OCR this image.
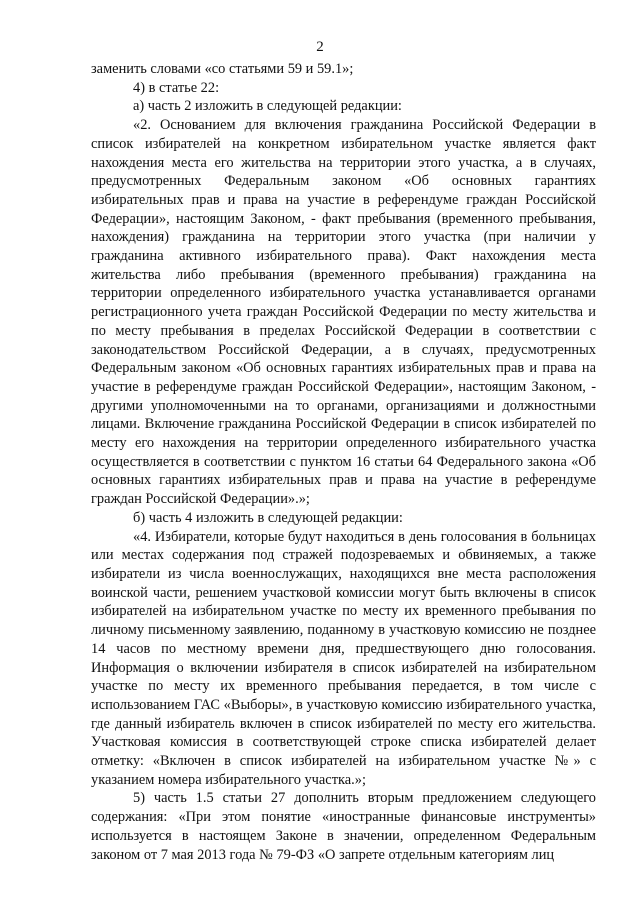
2

заменить словами «со статьями 59 и 59.1»;

4) в статье 22:

а) часть 2 изложить в следующей редакции:

«2. Основанием для включения гражданина Российской Федерации в список избирателей на конкретном избирательном участке является факт нахождения места его жительства на территории этого участка, а в случаях, предусмотренных Федеральным законом «Об основных гарантиях избирательных прав и права на участие в референдуме граждан Российской Федерации», настоящим Законом, - факт пребывания (временного пребывания, нахождения) гражданина на территории этого участка (при наличии у гражданина активного избирательного права). Факт нахождения места жительства либо пребывания (временного пребывания) гражданина на территории определенного избирательного участка устанавливается органами регистрационного учета граждан Российской Федерации по месту жительства и по месту пребывания в пределах Российской Федерации в соответствии с законодательством Российской Федерации, а в случаях, предусмотренных Федеральным законом «Об основных гарантиях избирательных прав и права на участие в референдуме граждан Российской Федерации», настоящим Законом, - другими уполномоченными на то органами, организациями и должностными лицами. Включение гражданина Российской Федерации в список избирателей по месту его нахождения на территории определенного избирательного участка осуществляется в соответствии с пунктом 16 статьи 64 Федерального закона «Об основных гарантиях избирательных прав и права на участие в референдуме граждан Российской Федерации».»;

б) часть 4 изложить в следующей редакции:

«4. Избиратели, которые будут находиться в день голосования в больницах или местах содержания под стражей подозреваемых и обвиняемых, а также избиратели из числа военнослужащих, находящихся вне места расположения воинской части, решением участковой комиссии могут быть включены в список избирателей на избирательном участке по месту их временного пребывания по личному письменному заявлению, поданному в участковую комиссию не позднее 14 часов по местному времени дня, предшествующего дню голосования. Информация о включении избирателя в список избирателей на избирательном участке по месту их временного пребывания передается, в том числе с использованием ГАС «Выборы», в участковую комиссию избирательного участка, где данный избиратель включен в список избирателей по месту его жительства. Участковая комиссия в соответствующей строке списка избирателей делает отметку: «Включен в список избирателей на избирательном участке №» с указанием номера избирательного участка.»;

5) часть 1.5 статьи 27 дополнить вторым предложением следующего содержания: «При этом понятие «иностранные финансовые инструменты» используется в настоящем Законе в значении, определенном Федеральным законом от 7 мая 2013 года № 79-ФЗ «О запрете отдельным категориям лиц
